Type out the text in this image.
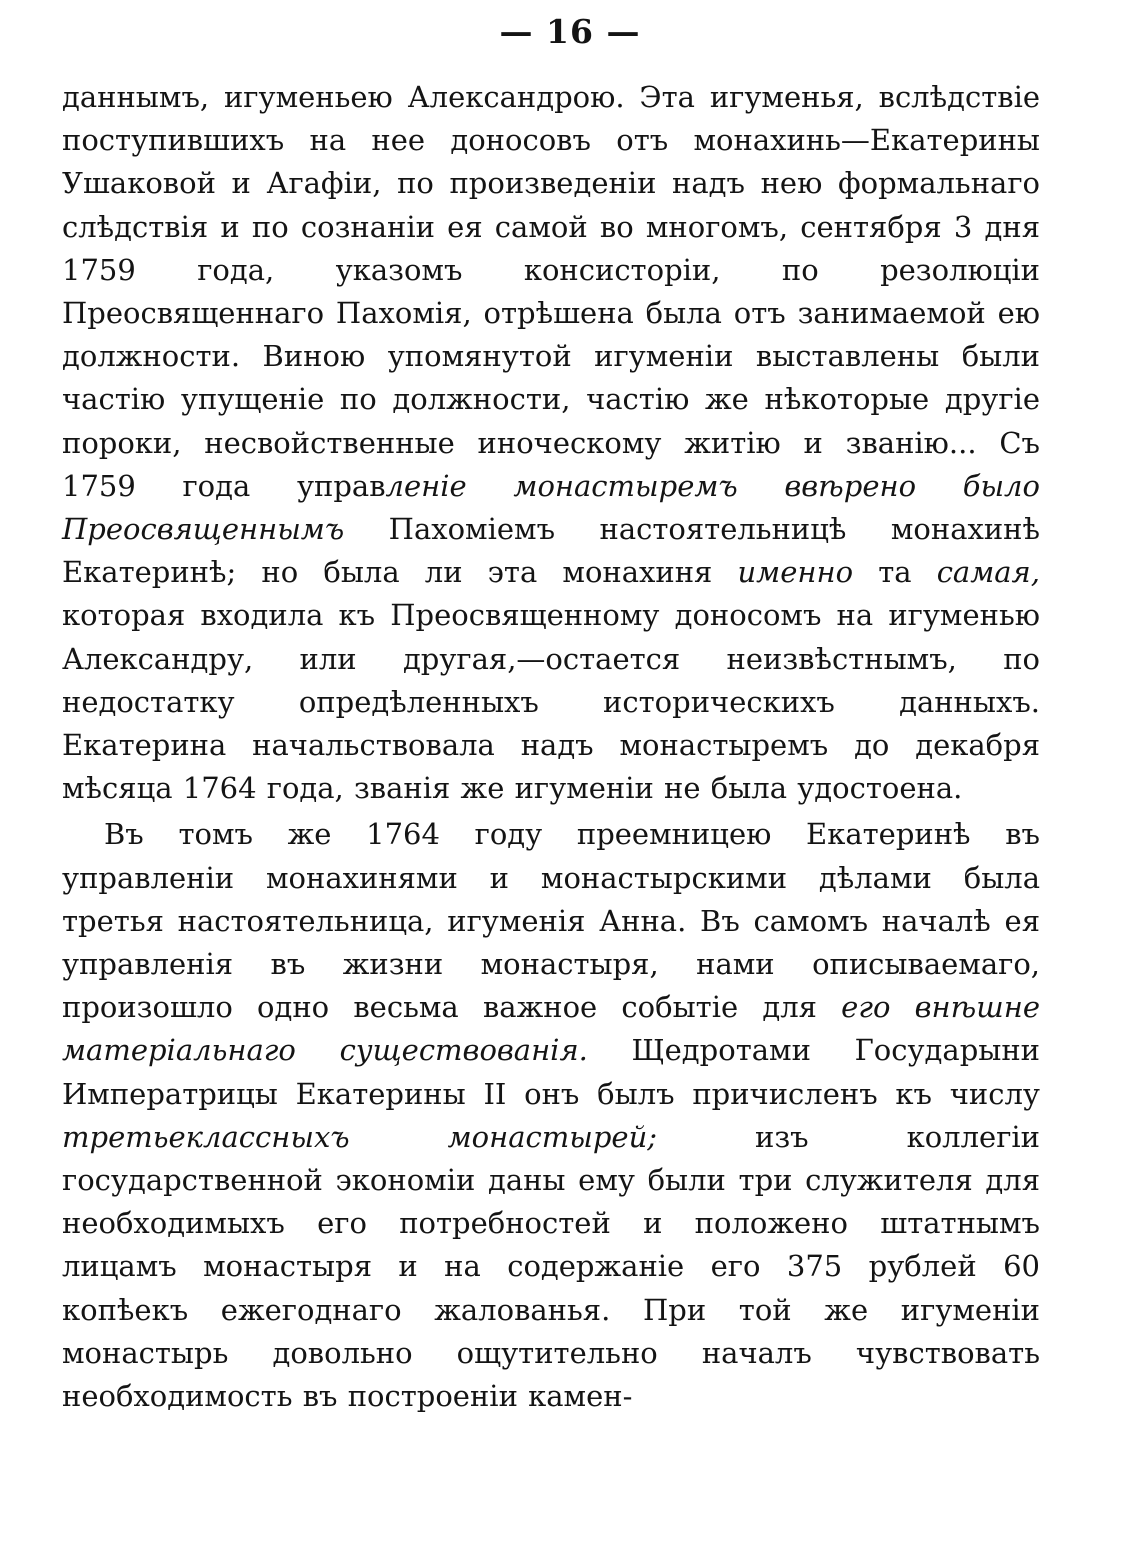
— 16 —

даннымъ, игуменьею Александрою. Эта игуменья, вслѣдствіе поступившихъ на нее доносовъ отъ монахинь—Екатерины Ушаковой и Агафіи, по произведеніи надъ нею формальнаго слѣдствія и по сознаніи ея самой во многомъ, сентября 3 дня 1759 года, указомъ консисторіи, по резолюціи Преосвященнаго Пахомія, отрѣшена была отъ занимаемой ею должности. Виною упомянутой игуменіи выставлены были частію упущеніе по должности, частію же нѣкоторые другіе пороки, несвойственные иноческому житію и званію... Съ 1759 года управленіе монастыремъ ввѣрено было Преосвященнымъ Пахоміемъ настоятельницѣ монахинѣ Екатеринѣ; но была ли эта монахиня именно та самая, которая входила къ Преосвященному доносомъ на игуменью Александру, или другая,—остается неизвѣстнымъ, по недостатку опредѣленныхъ историческихъ данныхъ. Екатерина начальствовала надъ монастыремъ до декабря мѣсяца 1764 года, званія же игуменіи не была удостоена.

Въ томъ же 1764 году преемницею Екатеринѣ въ управленіи монахинями и монастырскими дѣлами была третья настоятельница, игуменія Анна. Въ самомъ началѣ ея управленія въ жизни монастыря, нами описываемаго, произошло одно весьма важное событіе для его внѣшне матеріальнаго существованія. Щедротами Государыни Императрицы Екатерины II онъ былъ причисленъ къ числу третьеклассныхъ монастырей; изъ коллегіи государственной экономіи даны ему были три служителя для необходимыхъ его потребностей и положено штатнымъ лицамъ монастыря и на содержаніе его 375 рублей 60 копѣекъ ежегоднаго жалованья. При той же игуменіи монастырь довольно ощутительно началъ чувствовать необходимость въ построеніи камен-
